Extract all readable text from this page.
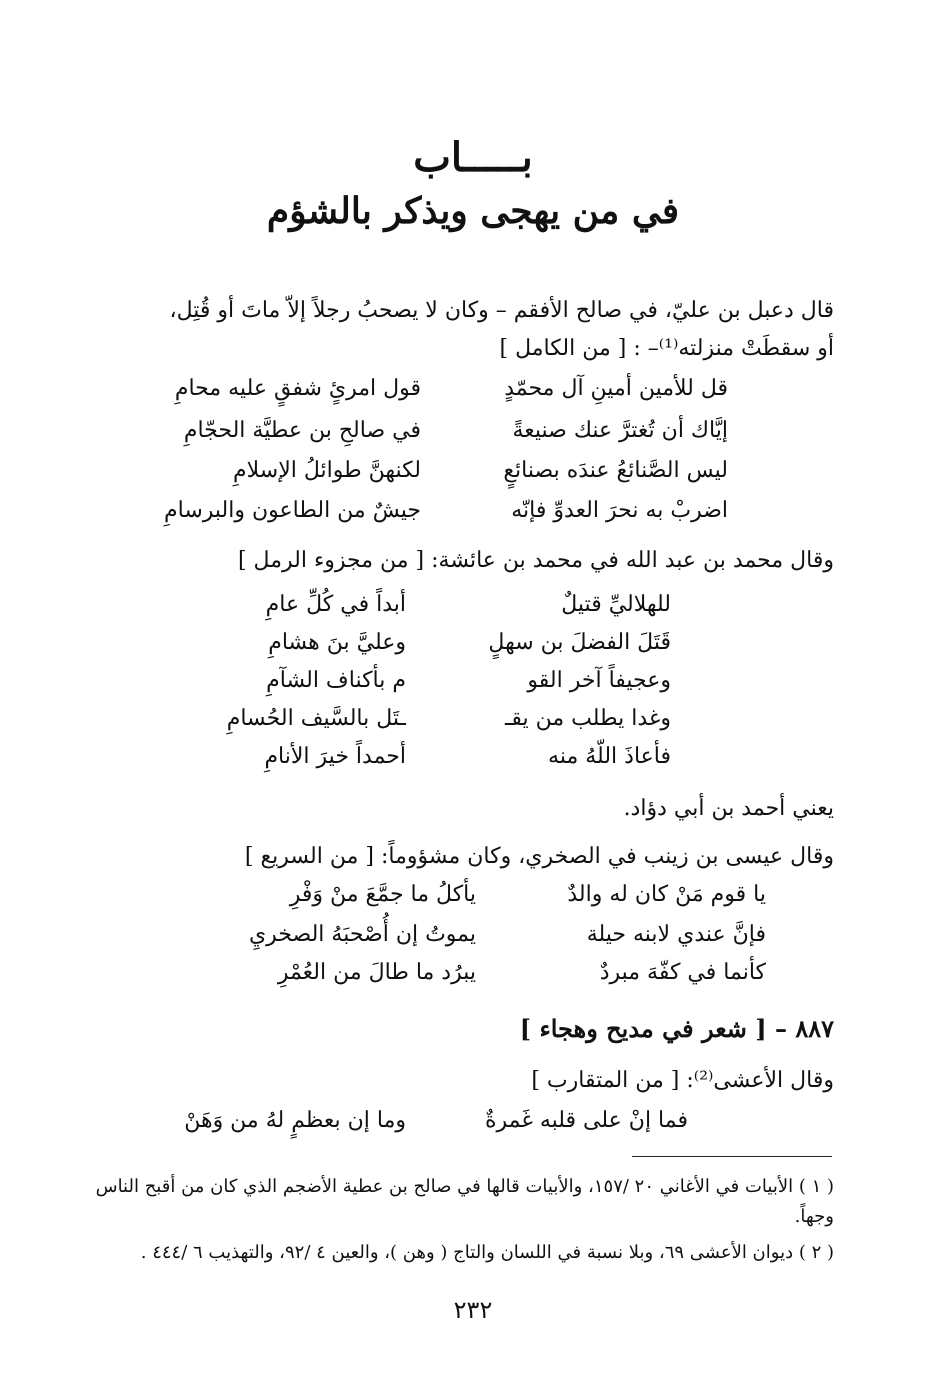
بـــــاب
في من يهجى ويذكر بالشؤم
قال دعبل بن عليّ، في صالح الأفقم – وكان لا يصحبُ رجلاً إلاّ ماتَ أو قُتِل،
أو سقطَتْ منزلته⁽¹⁾– : [ من الكامل ]
قل للأمين أمينِ آل محمّدٍ
قول امرئٍ شفقٍ عليه محامِ
إيَّاك أن تُغترَّ عنك صنيعةً
في صالحِ بن عطيَّة الحجّامِ
ليس الصَّنائعُ عندَه بصنائعٍ
لكنهنَّ طوائلُ الإسلامِ
اضربْ به نحرَ العدوِّ فإنّه
جيشٌ من الطاعون والبرسامِ
وقال محمد بن عبد الله في محمد بن عائشة: [ من مجزوء الرمل ]
للهلاليِّ قتيلٌ
أبداً في كُلِّ عامِ
قَتَلَ الفضلَ بن سهلٍ
وعليَّ بنَ هشامِ
وعجيفاً آخر القو
م بأكناف الشآمِ
وغدا يطلب من يقـ
ـتَل بالسَّيف الحُسامِ
فأعاذَ اللّهُ منه
أحمداً خيرَ الأنامِ
يعني أحمد بن أبي دؤاد.
وقال عيسى بن زينب في الصخري، وكان مشؤوماً: [ من السريع ]
يا قوم مَنْ كان له والدٌ
يأكلُ ما جمَّعَ منْ وَفْرِ
فإنَّ عندي لابنه حيلة
يموتُ إن أُصْحبَهُ الصخريِ
كأنما في كفّهَ مبردٌ
يبرُد ما طالَ من العُمْرِ
٨٨٧ – [ شعر في مديح وهجاء ]
وقال الأعشى⁽²⁾: [ من المتقارب ]
فما إنْ على قلبه غَمرةٌ
وما إن بعظمٍ لهُ من وَهَنْ
( ١ ) الأبيات في الأغاني ٢٠ /١٥٧، والأبيات قالها في صالح بن عطية الأضجم الذي كان من أقبح الناس وجهاً.
( ٢ ) ديوان الأعشى ٦٩، وبلا نسبة في اللسان والتاج ( وهن )، والعين ٤ /٩٢، والتهذيب ٦ /٤٤٤ .
٢٣٢
